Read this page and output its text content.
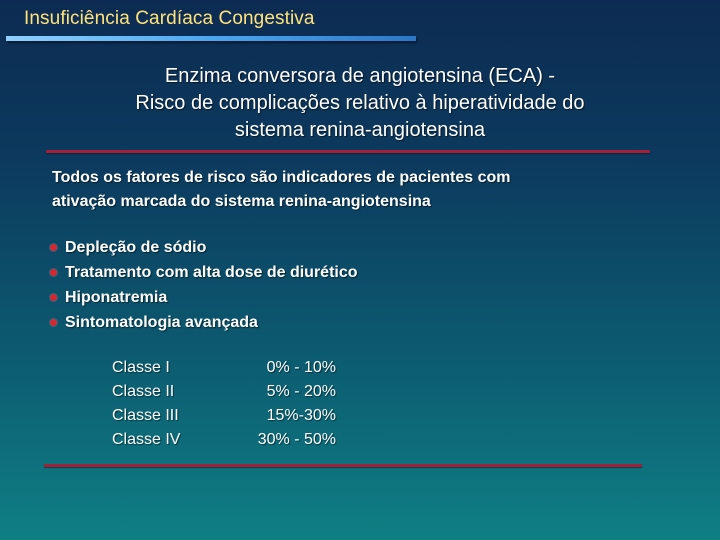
Insuficiência Cardíaca Congestiva
Enzima conversora de angiotensina (ECA) -
Risco de complicações relativo à hiperatividade do
sistema renina-angiotensina
Todos os fatores de risco são indicadores de pacientes com
ativação marcada do sistema renina-angiotensina
Depleção de sódio
Tratamento com alta dose de diurético
Hiponatremia
Sintomatologia avançada
Classe I	0% - 10%
Classe II	5% - 20%
Classe III	15%-30%
Classe IV	30% - 50%
